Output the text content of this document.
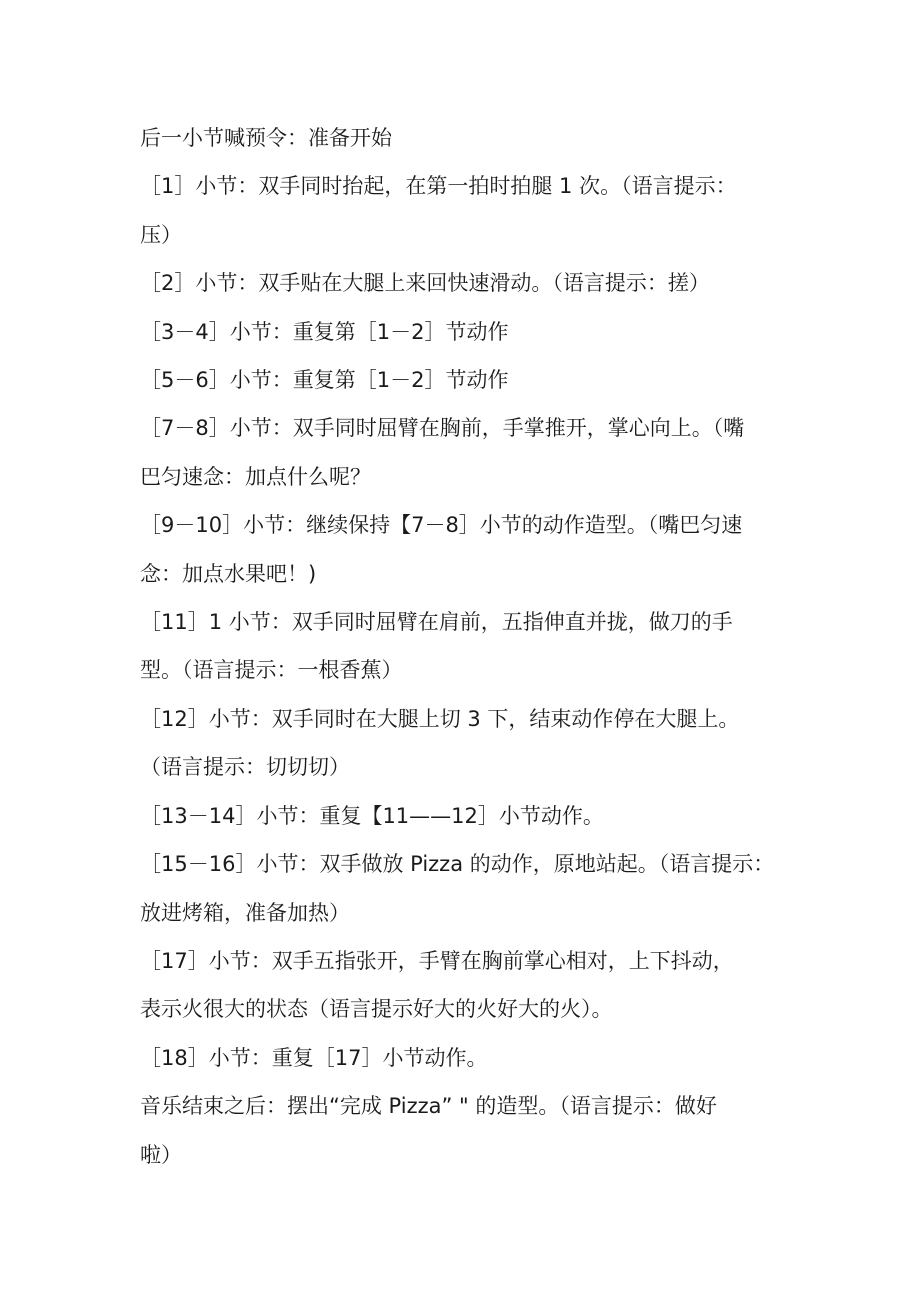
后一小节喊预令：准备开始

［1］小节：双手同时抬起，在第一拍时拍腿 1 次。（语言提示：

压）

［2］小节：双手贴在大腿上来回快速滑动。（语言提示：搓）

［3－4］小节：重复第［1－2］节动作

［5－6］小节：重复第［1－2］节动作

［7－8］小节：双手同时屈臂在胸前，手掌推开，掌心向上。（嘴

巴匀速念：加点什么呢？

［9－10］小节：继续保持【7－8］小节的动作造型。（嘴巴匀速

念：加点水果吧！)

［11］1 小节：双手同时屈臂在肩前，五指伸直并拢，做刀的手

型。（语言提示：一根香蕉）

［12］小节：双手同时在大腿上切 3 下，结束动作停在大腿上。

（语言提示：切切切）

［13－14］小节：重复【11——12］小节动作。

［15－16］小节：双手做放 Pizza 的动作，原地站起。（语言提示：

放进烤箱，准备加热）

［17］小节：双手五指张开，手臂在胸前掌心相对，上下抖动，

表示火很大的状态（语言提示好大的火好大的火）。

［18］小节：重复［17］小节动作。

音乐结束之后：摆出“完成 Pizza” " 的造型。（语言提示：做好

啦）
